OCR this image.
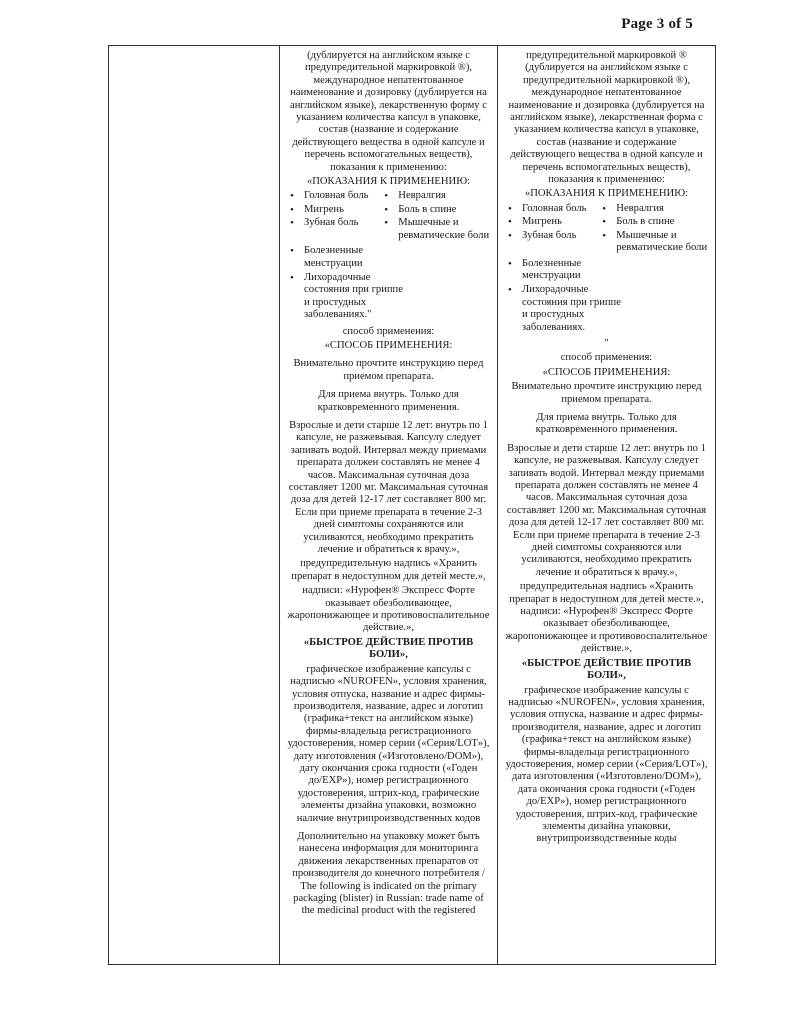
Page 3 of 5

(дублируется на английском языке с предупредительной маркировкой ®), международное непатентованное наименование и дозировку (дублируется на английском языке), лекарственную форму с указанием количества капсул в упаковке, состав (название и содержание действующего вещества в одной капсуле и перечень вспомогательных веществ), показания к применению:

«ПОКАЗАНИЯ К ПРИМЕНЕНИЮ:

• Головная боль
• Мигрень
• Зубная боль
• Невралгия
• Боль в спине
• Мышечные и ревматические боли
• Болезненные менструации
• Лихорадочные состояния при гриппе и простудных заболеваниях."

способ применения:

«СПОСОБ ПРИМЕНЕНИЯ:

Внимательно прочтите инструкцию перед приемом препарата.

Для приема внутрь. Только для кратковременного применения.

Взрослые и дети старше 12 лет: внутрь по 1 капсуле, не разжевывая. Капсулу следует запивать водой. Интервал между приемами препарата должен составлять не менее 4 часов. Максимальная суточная доза составляет 1200 мг. Максимальная суточная доза для детей 12-17 лет составляет 800 мг. Если при приеме препарата в течение 2-3 дней симптомы сохраняются или усиливаются, необходимо прекратить лечение и обратиться к врачу.»,

предупредительную надпись «Хранить препарат в недоступном для детей месте.»,

надписи: «Нурофен® Экспресс Форте оказывает обезболивающее, жаропонижающее и противовоспалительное действие.»,

«БЫСТРОЕ ДЕЙСТВИЕ ПРОТИВ БОЛИ»,

графическое изображение капсулы с надписью «NUROFEN», условия хранения, условия отпуска, название и адрес фирмы-производителя, название, адрес и логотип (графика+текст на английском языке) фирмы-владельца регистрационного удостоверения, номер серии («Серия/LOT»), дату изготовления («Изготовлено/DOM»), дату окончания срока годности («Годен до/EXP»), номер регистрационного удостоверения, штрих-код, графические элементы дизайна упаковки, возможно наличие внутрипроизводственных кодов

Дополнительно на упаковку может быть нанесена информация для мониторинга движения лекарственных препаратов от производителя до конечного потребителя / The following is indicated on the primary packaging (blister) in Russian: trade name of the medicinal product with the registered

предупредительной маркировкой ® (дублируется на английском языке с предупредительной маркировкой ®), международное непатентованное наименование и дозировка (дублируется на английском языке), лекарственная форма с указанием количества капсул в упаковке, состав (название и содержание действующего вещества в одной капсуле и перечень вспомогательных веществ), показания к применению:

«ПОКАЗАНИЯ К ПРИМЕНЕНИЮ:

• Головная боль
• Мигрень
• Зубная боль
• Невралгия
• Боль в спине
• Мышечные и ревматические боли
• Болезненные менструации
• Лихорадочные состояния при гриппе и простудных заболеваниях.

"

способ применения:

«СПОСОБ ПРИМЕНЕНИЯ:

Внимательно прочтите инструкцию перед приемом препарата.

Для приема внутрь. Только для кратковременного применения.

Взрослые и дети старше 12 лет: внутрь по 1 капсуле, не разжевывая. Капсулу следует запивать водой. Интервал между приемами препарата должен составлять не менее 4 часов. Максимальная суточная доза составляет 1200 мг. Максимальная суточная доза для детей 12-17 лет составляет 800 мг. Если при приеме препарата в течение 2-3 дней симптомы сохраняются или усиливаются, необходимо прекратить лечение и обратиться к врачу.»,

предупредительная надпись «Хранить препарат в недоступном для детей месте.», надписи: «Нурофен® Экспресс Форте оказывает обезболивающее, жаропонижающее и противовоспалительное действие.»,

«БЫСТРОЕ ДЕЙСТВИЕ ПРОТИВ БОЛИ»,

графическое изображение капсулы с надписью «NUROFEN», условия хранения, условия отпуска, название и адрес фирмы-производителя, название, адрес и логотип (графика+текст на английском языке) фирмы-владельца регистрационного удостоверения, номер серии («Серия/LOT»), дата изготовления («Изготовлено/DOM»), дата окончания срока годности («Годен до/EXP»), номер регистрационного удостоверения, штрих-код, графические элементы дизайна упаковки, внутрипроизводственные коды
